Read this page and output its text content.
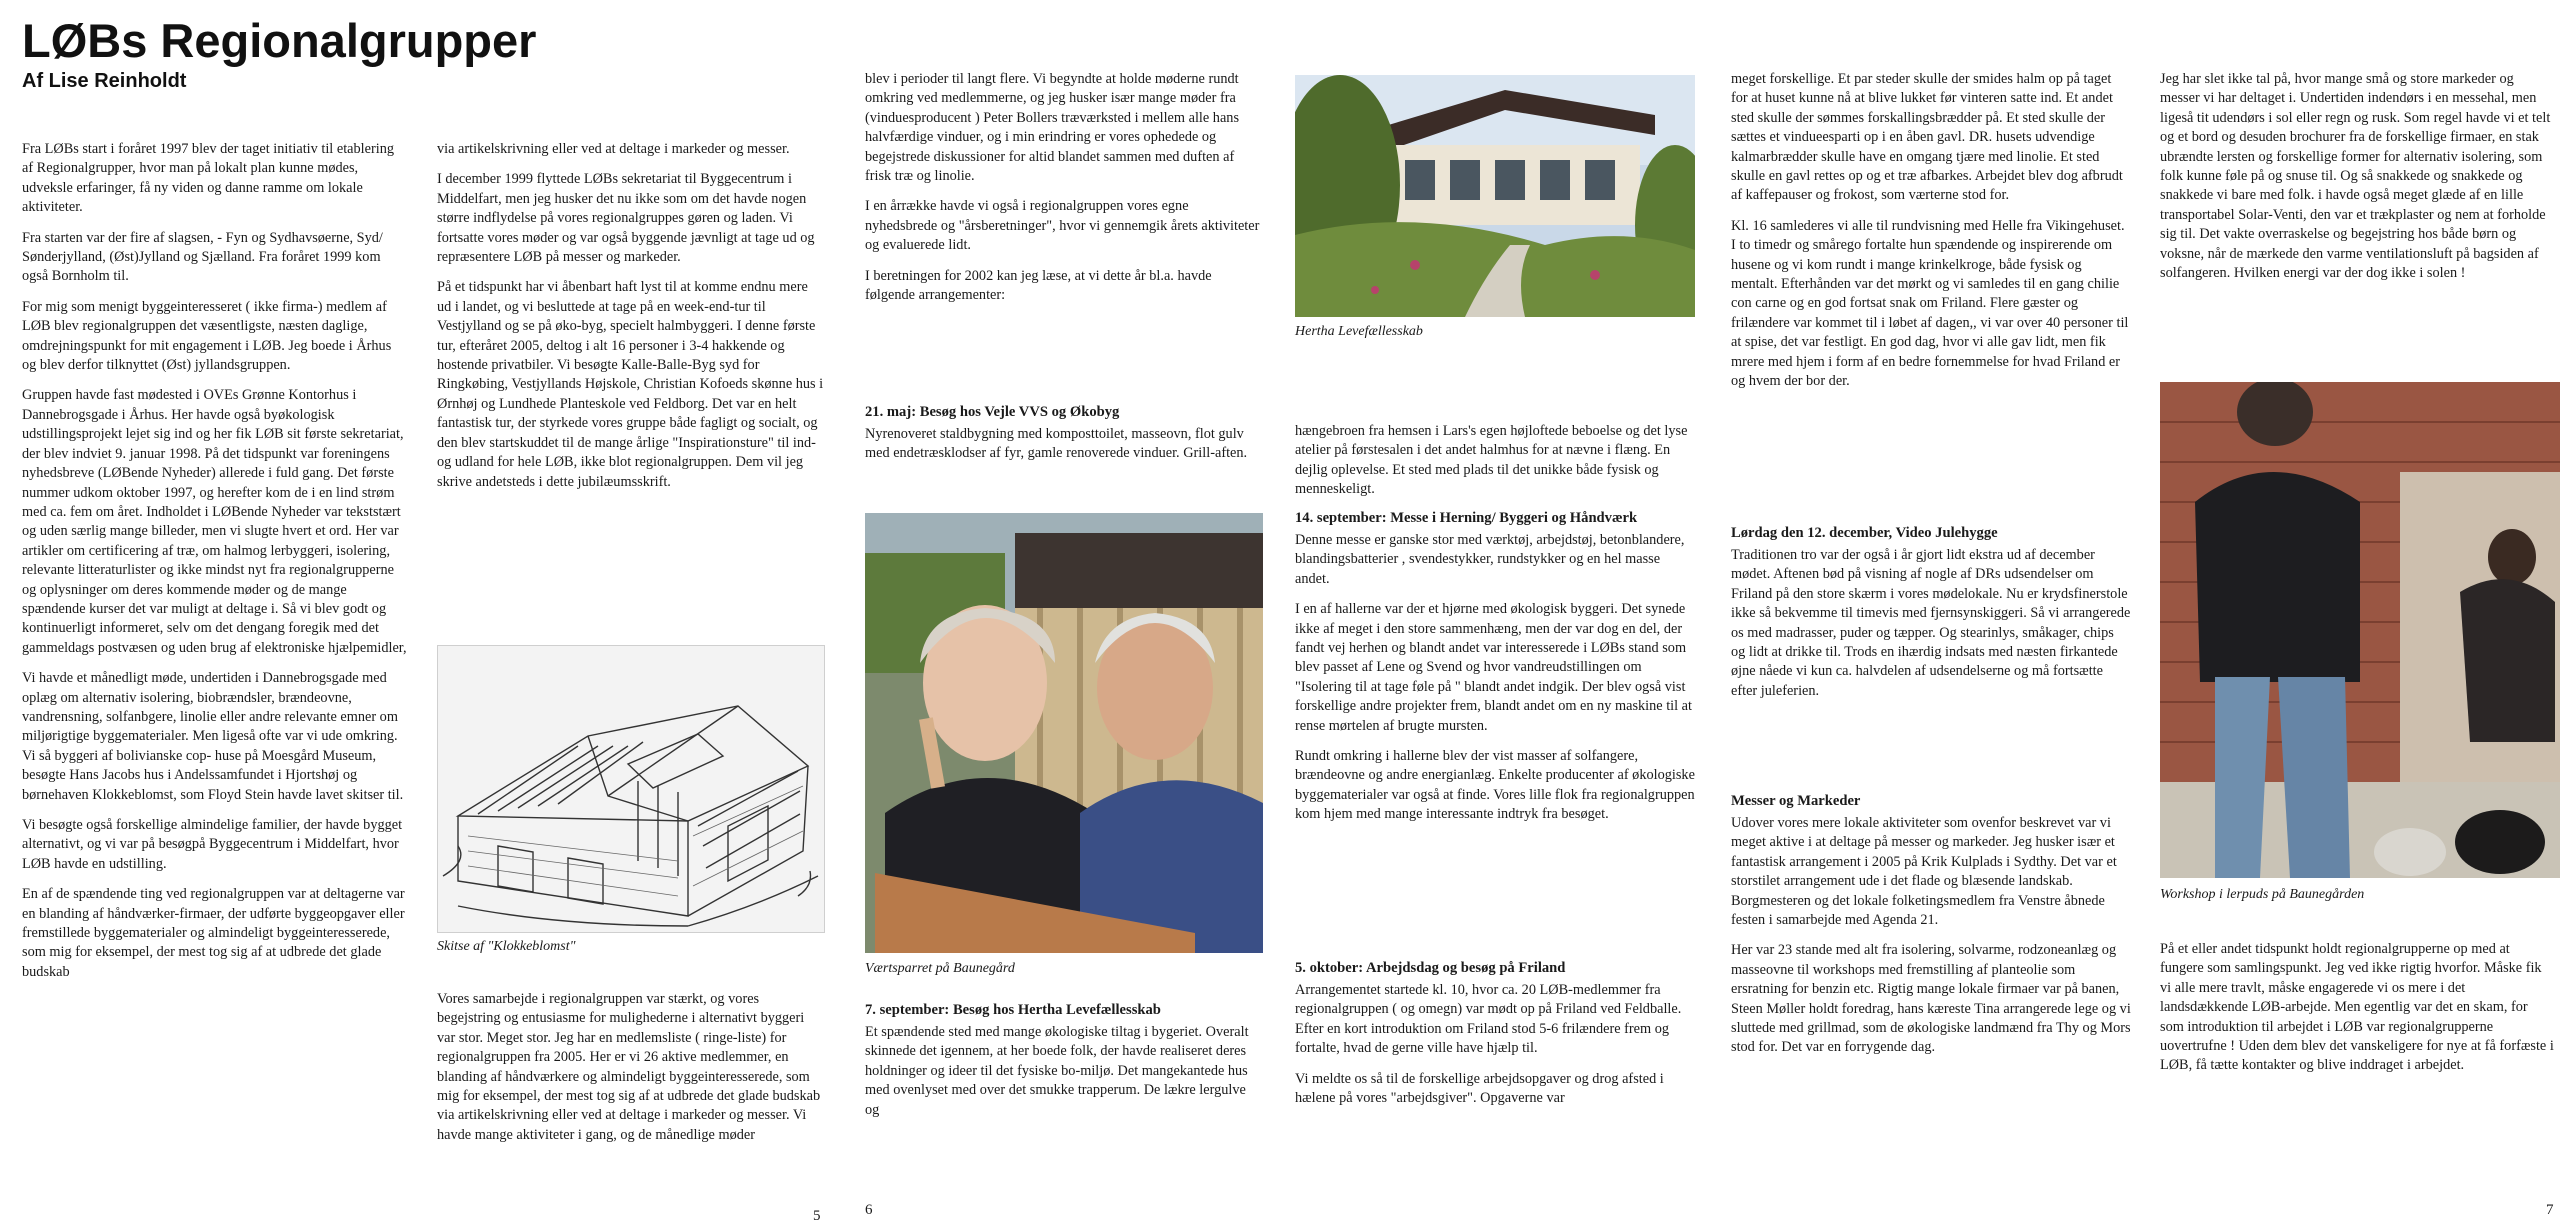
LØBs Regionalgrupper
Af Lise Reinholdt

Fra LØBs start i foråret 1997 blev der taget initiativ til etablering af Regionalgrupper, hvor man på lokalt plan kunne mødes, udveksle erfaringer, få ny viden og danne ramme om lokale aktiviteter.

Fra starten var der fire af slagsen, - Fyn og Sydhavsøerne, Syd/ Sønderjylland, (Øst)Jylland og Sjælland. Fra foråret 1999 kom også Bornholm til.

For mig som menigt byggeinteresseret ( ikke firma-) medlem af LØB blev regionalgruppen det væsentligste, næsten daglige, omdrejningspunkt for mit engagement i LØB. Jeg boede i Århus og blev derfor tilknyttet (Øst) jyllandsgruppen.

Gruppen havde fast mødested i OVEs Grønne Kontorhus i Dannebrogsgade i Århus. Her havde også byøkologisk udstillingsprojekt lejet sig ind og her fik LØB sit første sekretariat, der blev indviet 9. januar 1998. På det tidspunkt var foreningens nyhedsbreve (LØBende Nyheder) allerede i fuld gang. Det første nummer udkom oktober 1997, og herefter kom de i en lind strøm med ca. fem om året. Indholdet i LØBende Nyheder var tekststært og uden særlig mange billeder, men vi slugte hvert et ord. Her var artikler om certificering af træ, om halmog lerbyggeri, isolering, relevante litteraturlister og ikke mindst nyt fra regionalgrupperne og oplysninger om deres kommende møder og de mange spændende kurser det var muligt at deltage i. Så vi blev godt og kontinuerligt informeret, selv om det dengang foregik med det gammeldags postvæsen og uden brug af elektroniske hjælpemidler,

Vi havde et månedligt møde, undertiden i Dannebrogsgade med oplæg om alternativ isolering, biobrændsler, brændeovne, vandrensning, solfanbgere, linolie eller andre relevante emner om miljørigtige byggematerialer. Men ligeså ofte var vi ude omkring. Vi så byggeri af bolivianske cop- huse på Moesgård Museum, besøgte Hans Jacobs hus i Andelssamfundet i Hjortshøj og børnehaven Klokkeblomst, som Floyd Stein havde lavet skitser til.

Vi besøgte også forskellige almindelige familier, der havde bygget alternativt, og vi var på besøgpå Byggecentrum i Middelfart, hvor LØB havde en udstilling.

En af de spændende ting ved regionalgruppen var at deltagerne var en blanding af håndværker-firmaer, der udførte byggeopgaver eller fremstillede byggematerialer og almindeligt byggeinteresserede, som mig for eksempel, der mest tog sig af at udbrede det glade budskab

via artikelskrivning eller ved at deltage i markeder og messer.

I december 1999 flyttede LØBs sekretariat til Byggecentrum i Middelfart, men jeg husker det nu ikke som om det havde nogen større indflydelse på vores regionalgruppes gøren og laden. Vi fortsatte vores møder og var også byggende jævnligt at tage ud og repræsentere LØB på messer og markeder.

På et tidspunkt har vi åbenbart haft lyst til at komme endnu mere ud i landet, og vi besluttede at tage på en week-end-tur til Vestjylland og se på øko-byg, specielt halmbyggeri. I denne første tur, efteråret 2005, deltog i alt 16 personer i 3-4 hakkende og hostende privatbiler. Vi besøgte Kalle-Balle-Byg syd for Ringkøbing, Vestjyllands Højskole, Christian Kofoeds skønne hus i Ørnhøj og Lundhede Planteskole ved Feldborg. Det var en helt fantastisk tur, der styrkede vores gruppe både fagligt og socialt, og den blev startskuddet til de mange årlige "Inspirationsture" til ind- og udland for hele LØB, ikke blot regionalgruppen. Dem vil jeg skrive andetsteds i dette jubilæumsskrift.

Skitse af "Klokkeblomst"

Vores samarbejde i regionalgruppen var stærkt, og vores begejstring og entusiasme for mulighederne i alternativt byggeri var stor. Meget stor. Jeg har en medlemsliste ( ringe-liste) for regionalgruppen fra 2005. Her er vi 26 aktive medlemmer, en blanding af håndværkere og almindeligt byggeinteresserede, som mig for eksempel, der mest tog sig af at udbrede det glade budskab via artikelskrivning eller ved at deltage i markeder og messer. Vi havde mange aktiviteter i gang, og de månedlige møder

5

blev i perioder til langt flere. Vi begyndte at holde møderne rundt omkring ved medlemmerne, og jeg husker især mange møder fra (vinduesproducent ) Peter Bollers træværksted i mellem alle hans halvfærdige vinduer, og i min erindring er vores ophedede og begejstrede diskussioner for altid blandet sammen med duften af frisk træ og linolie.

I en årrække havde vi også i regionalgruppen vores egne nyhedsbrede og "årsberetninger", hvor vi gennemgik årets aktiviteter og evaluerede lidt.

I beretningen for 2002 kan jeg læse, at vi dette år bl.a. havde følgende arrangementer:

21. maj: Besøg hos Vejle VVS og Økobyg

Nyrenoveret staldbygning med komposttoilet, masseovn, flot gulv med endetræsklodser af fyr, gamle renoverede vinduer. Grill-aften.

Værtsparret på Baunegård
7. september: Besøg hos Hertha Levefællesskab

Et spændende sted med mange økologiske tiltag i bygeriet. Overalt skinnede det igennem, at her boede folk, der havde realiseret deres holdninger og ideer til det fysiske bo-miljø. Det mangekantede hus med ovenlyset med over det smukke trapperum. De lækre lergulve og

6
Hertha Levefællesskab

hængebroen fra hemsen i Lars's egen højloftede beboelse og det lyse atelier på førstesalen i det andet halmhus for at nævne i flæng. En dejlig oplevelse. Et sted med plads til det unikke både fysisk og menneskeligt.

14. september: Messe i Herning/ Byggeri og Håndværk

Denne messe er ganske stor med værktøj, arbejdstøj, betonblandere, blandingsbatterier , svendestykker, rundstykker og en hel masse andet.

I en af hallerne var der et hjørne med økologisk byggeri. Det synede ikke af meget i den store sammenhæng, men der var dog en del, der fandt vej herhen og blandt andet var interesserede i LØBs stand som blev passet af Lene og Svend og hvor vandreudstillingen om "Isolering til at tage føle på " blandt andet indgik. Der blev også vist forskellige andre projekter frem, blandt andet om en ny maskine til at rense mørtelen af brugte mursten.

Rundt omkring i hallerne blev der vist masser af solfangere, brændeovne og andre energianlæg. Enkelte producenter af økologiske byggematerialer var også at finde. Vores lille flok fra regionalgruppen kom hjem med mange interessante indtryk fra besøget.

5. oktober: Arbejdsdag og besøg på Friland

Arrangementet startede kl. 10, hvor ca. 20 LØB-medlemmer fra regionalgruppen ( og omegn) var mødt op på Friland ved Feldballe. Efter en kort introduktion om Friland stod 5-6 frilændere frem og fortalte, hvad de gerne ville have hjælp til.

Vi meldte os så til de forskellige arbejdsopgaver og drog afsted i hælene på vores "arbejdsgiver". Opgaverne var

meget forskellige. Et par steder skulle der smides halm op på taget for at huset kunne nå at blive lukket før vinteren satte ind. Et andet sted skulle der sømmes forskallingsbrædder på. Et sted skulle der sættes et vindueesparti op i en åben gavl. DR. husets udvendige kalmarbrædder skulle have en omgang tjære med linolie. Et sted skulle en gavl rettes op og et træ afbarkes. Arbejdet blev dog afbrudt af kaffepauser og frokost, som værterne stod for.

Kl. 16 samlederes vi alle til rundvisning med Helle fra Vikingehuset. I to timedr og smårego fortalte hun spændende og inspirerende om husene og vi kom rundt i mange krinkelkroge, både fysisk og mentalt. Efterhånden var det mørkt og vi samledes til en gang chilie con carne og en god fortsat snak om Friland. Flere gæster og frilændere var kommet til i løbet af dagen,, vi var over 40 personer til at spise, det var festligt. En god dag, hvor vi alle gav lidt, men fik mrere med hjem i form af en bedre fornemmelse for hvad Friland er og hvem der bor der.

Lørdag den 12. december, Video Julehygge

Traditionen tro var der også i år gjort lidt ekstra ud af december mødet. Aftenen bød på visning af nogle af DRs udsendelser om Friland på den store skærm i vores mødelokale. Nu er krydsfinerstole ikke så bekvemme til timevis med fjernsynskiggeri. Så vi arrangerede os med madrasser, puder og tæpper. Og stearinlys, småkager, chips og lidt at drikke til. Trods en ihærdig indsats med næsten firkantede øjne nåede vi kun ca. halvdelen af udsendelserne og må fortsætte efter juleferien.

Messer og Markeder

Udover vores mere lokale aktiviteter som ovenfor beskrevet var vi meget aktive i at deltage på messer og markeder. Jeg husker især et fantastisk arrangement i 2005 på Krik Kulplads i Sydthy. Det var et storstilet arrangement ude i det flade og blæsende landskab. Borgmesteren og det lokale folketingsmedlem fra Venstre åbnede festen i samarbejde med Agenda 21.

Her var 23 stande med alt fra isolering, solvarme, rodzoneanlæg og masseovne til workshops med fremstilling af planteolie som ersratning for benzin etc. Rigtig mange lokale firmaer var på banen, Steen Møller holdt foredrag, hans kæreste Tina arrangerede lege og vi sluttede med grillmad, som de økologiske landmænd fra Thy og Mors stod for. Det var en forrygende dag.

Jeg har slet ikke tal på, hvor mange små og store markeder og messer vi har deltaget i. Undertiden indendørs i en messehal, men ligeså tit udendørs i sol eller regn og rusk. Som regel havde vi et telt og et bord og desuden brochurer fra de forskellige firmaer, en stak ubrændte lersten og forskellige former for alternativ isolering, som folk kunne føle på og snuse til. Og så snakkede og snakkede og snakkede vi bare med folk. i havde også meget glæde af en lille transportabel Solar-Venti, den var et trækplaster og nem at forholde sig til. Det vakte overraskelse og begejstring hos både børn og voksne, når de mærkede den varme ventilationsluft på bagsiden af solfangeren. Hvilken energi var der dog ikke i solen !

Workshop i lerpuds på Baunegården

På et eller andet tidspunkt holdt regionalgrupperne op med at fungere som samlingspunkt. Jeg ved ikke rigtig hvorfor. Måske fik vi alle mere travlt, måske engagerede vi os mere i det landsdækkende LØB-arbejde. Men egentlig var det en skam, for som introduktion til arbejdet i LØB var regionalgrupperne uovertrufne ! Uden dem blev det vanskeligere for nye at få forfæste i LØB, få tætte kontakter og blive inddraget i arbejdet.

7
